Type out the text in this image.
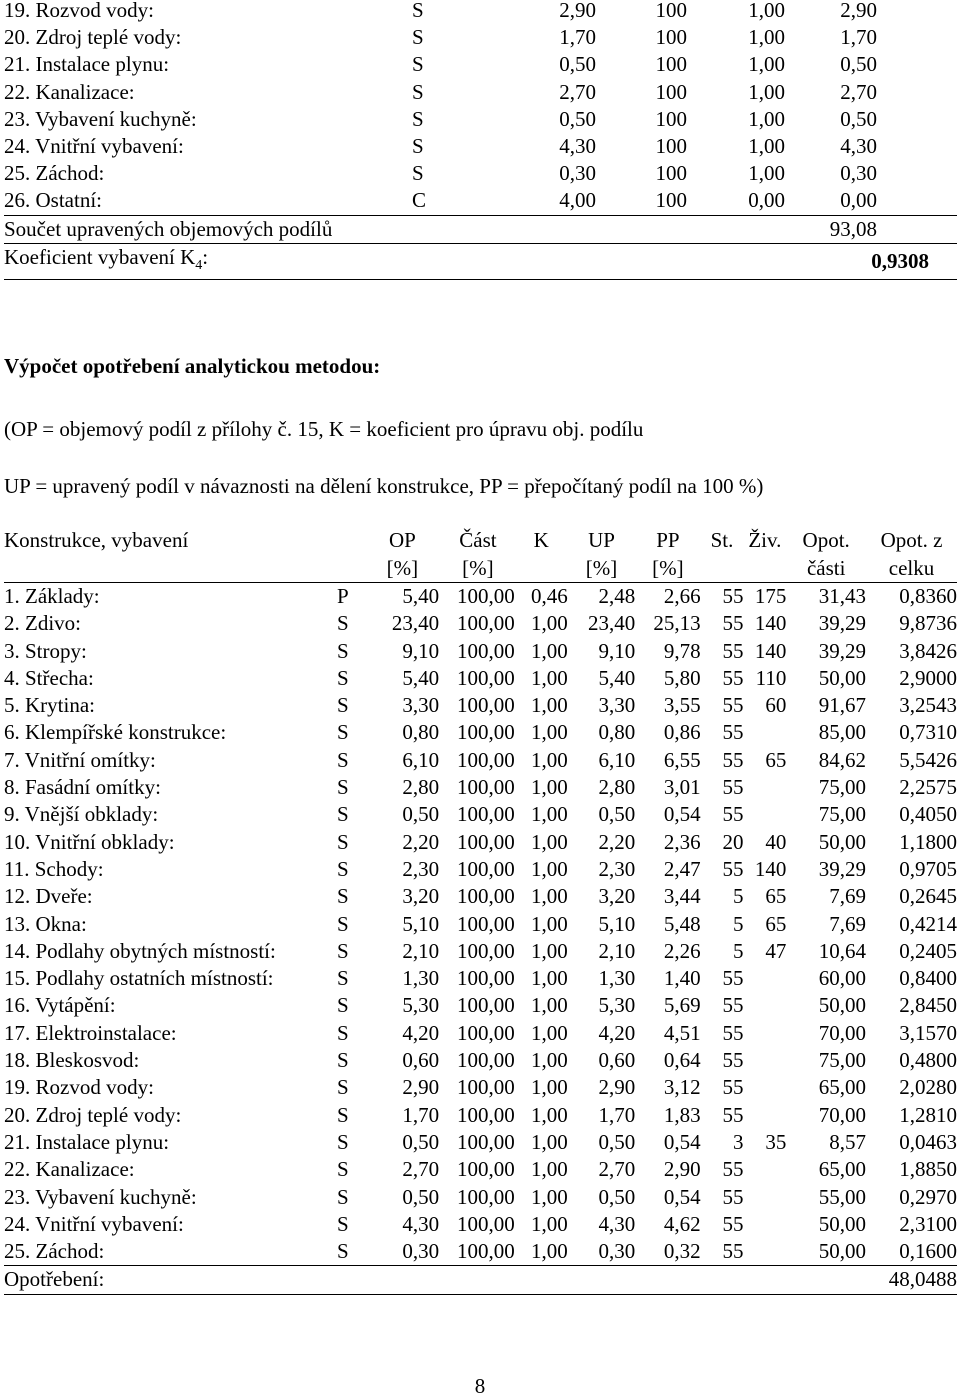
19. Rozvod vody:	S	2,90	100	1,00	2,90	
20. Zdroj teplé vody:	S	1,70	100	1,00	1,70	
21. Instalace plynu:	S	0,50	100	1,00	0,50	
22. Kanalizace:	S	2,70	100	1,00	2,70	
23. Vybavení kuchyně:	S	0,50	100	1,00	0,50	
24. Vnitřní vybavení:	S	4,30	100	1,00	4,30	
25. Záchod:	S	0,30	100	1,00	0,30	
26. Ostatní:	C	4,00	100	0,00	0,00	
Součet upravených objemových podílů					93,08	
Koeficient vybavení $K_4$:					0,9308	
Výpočet opotřebení analytickou metodou:
(OP = objemový podíl z přílohy č. 15, K = koeficient pro úpravu obj. podílu
UP = upravený podíl v návaznosti na dělení konstrukce, PP = přepočítaný podíl na 100 %)
Konstrukce, vybavení		OP	Část	K	UP	PP	St.	Živ.	Opot.	Opot. z
		[%]	[%]		[%]	[%]			části	celku
1. Základy:	P	5,40	100,00	0,46	2,48	2,66	55	175	31,43	0,8360
2. Zdivo:	S	23,40	100,00	1,00	23,40	25,13	55	140	39,29	9,8736
3. Stropy:	S	9,10	100,00	1,00	9,10	9,78	55	140	39,29	3,8426
4. Střecha:	S	5,40	100,00	1,00	5,40	5,80	55	110	50,00	2,9000
5. Krytina:	S	3,30	100,00	1,00	3,30	3,55	55	60	91,67	3,2543
6. Klempířské konstrukce:	S	0,80	100,00	1,00	0,80	0,86	55		85,00	0,7310
7. Vnitřní omítky:	S	6,10	100,00	1,00	6,10	6,55	55	65	84,62	5,5426
8. Fasádní omítky:	S	2,80	100,00	1,00	2,80	3,01	55		75,00	2,2575
9. Vnější obklady:	S	0,50	100,00	1,00	0,50	0,54	55		75,00	0,4050
10. Vnitřní obklady:	S	2,20	100,00	1,00	2,20	2,36	20	40	50,00	1,1800
11. Schody:	S	2,30	100,00	1,00	2,30	2,47	55	140	39,29	0,9705
12. Dveře:	S	3,20	100,00	1,00	3,20	3,44	5	65	7,69	0,2645
13. Okna:	S	5,10	100,00	1,00	5,10	5,48	5	65	7,69	0,4214
14. Podlahy obytných místností:	S	2,10	100,00	1,00	2,10	2,26	5	47	10,64	0,2405
15. Podlahy ostatních místností:	S	1,30	100,00	1,00	1,30	1,40	55		60,00	0,8400
16. Vytápění:	S	5,30	100,00	1,00	5,30	5,69	55		50,00	2,8450
17. Elektroinstalace:	S	4,20	100,00	1,00	4,20	4,51	55		70,00	3,1570
18. Bleskosvod:	S	0,60	100,00	1,00	0,60	0,64	55		75,00	0,4800
19. Rozvod vody:	S	2,90	100,00	1,00	2,90	3,12	55		65,00	2,0280
20. Zdroj teplé vody:	S	1,70	100,00	1,00	1,70	1,83	55		70,00	1,2810
21. Instalace plynu:	S	0,50	100,00	1,00	0,50	0,54	3	35	8,57	0,0463
22. Kanalizace:	S	2,70	100,00	1,00	2,70	2,90	55		65,00	1,8850
23. Vybavení kuchyně:	S	0,50	100,00	1,00	0,50	0,54	55		55,00	0,2970
24. Vnitřní vybavení:	S	4,30	100,00	1,00	4,30	4,62	55		50,00	2,3100
25. Záchod:	S	0,30	100,00	1,00	0,30	0,32	55		50,00	0,1600
Opotřebení:										48,0488
8
